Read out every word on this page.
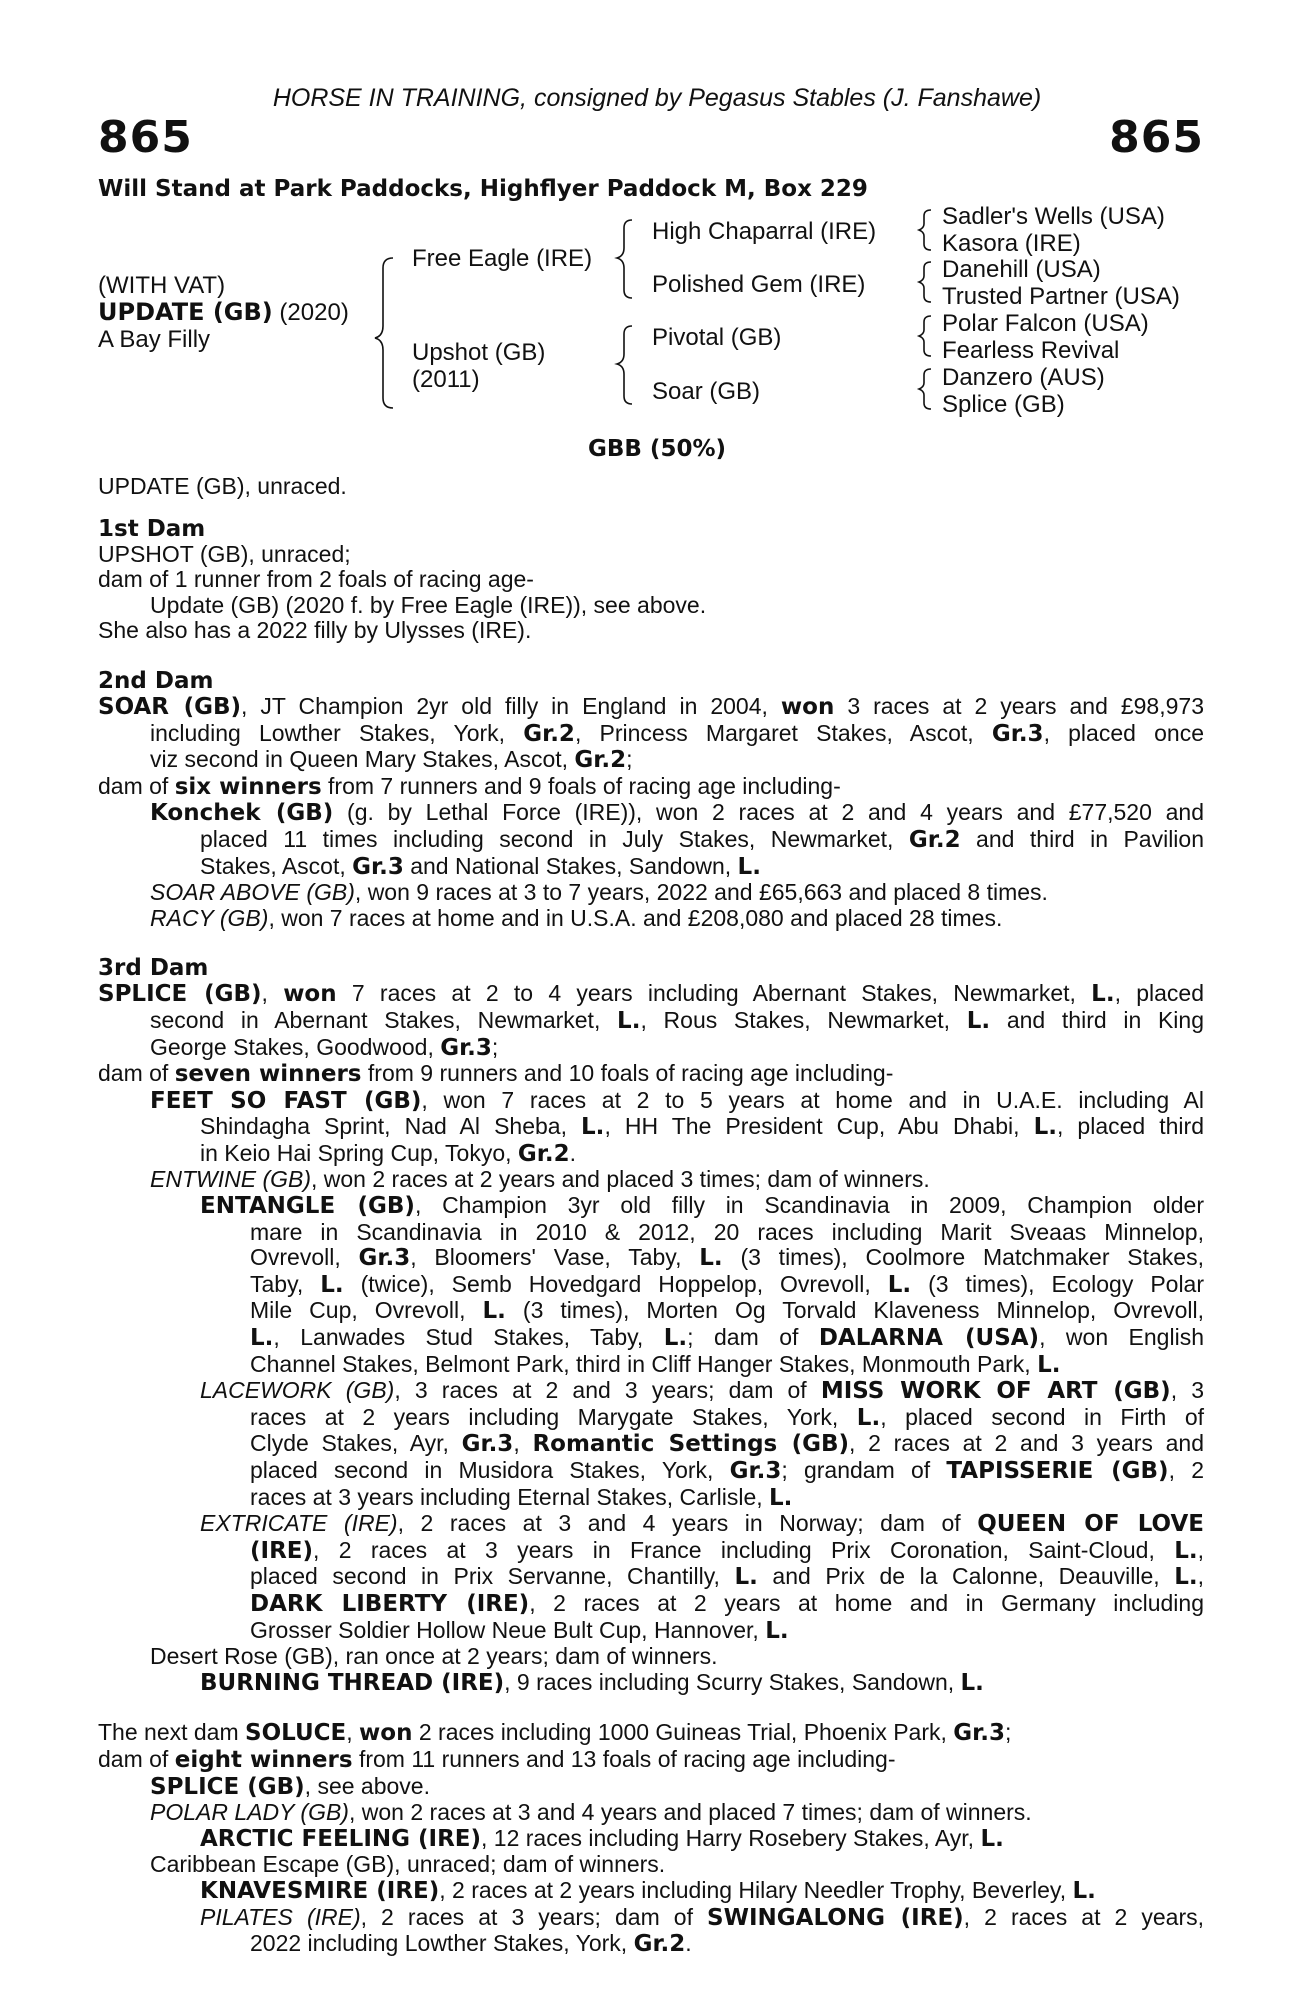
HORSE IN TRAINING, consigned by Pegasus Stables (J. Fanshawe)
865	865
Will Stand at Park Paddocks, Highflyer Paddock M, Box 229
(WITH VAT)
UPDATE (GB) (2020)
A Bay Filly
Free Eagle (IRE)
Upshot (GB)
(2011)
High Chaparral (IRE)
Polished Gem (IRE)
Pivotal (GB)
Soar (GB)
Sadler's Wells (USA)
Kasora (IRE)
Danehill (USA)
Trusted Partner (USA)
Polar Falcon (USA)
Fearless Revival
Danzero (AUS)
Splice (GB)
GBB (50%)
UPDATE (GB), unraced.
1st Dam
UPSHOT (GB), unraced;
dam of 1 runner from 2 foals of racing age-
Update (GB) (2020 f. by Free Eagle (IRE)), see above.
She also has a 2022 filly by Ulysses (IRE).
2nd Dam
SOAR (GB), JT Champion 2yr old filly in England in 2004, won 3 races at 2 years and £98,973
including Lowther Stakes, York, Gr.2, Princess Margaret Stakes, Ascot, Gr.3, placed once
viz second in Queen Mary Stakes, Ascot, Gr.2;
dam of six winners from 7 runners and 9 foals of racing age including-
Konchek (GB) (g. by Lethal Force (IRE)), won 2 races at 2 and 4 years and £77,520 and
placed 11 times including second in July Stakes, Newmarket, Gr.2 and third in Pavilion
Stakes, Ascot, Gr.3 and National Stakes, Sandown, L.
SOAR ABOVE (GB), won 9 races at 3 to 7 years, 2022 and £65,663 and placed 8 times.
RACY (GB), won 7 races at home and in U.S.A. and £208,080 and placed 28 times.
3rd Dam
SPLICE (GB), won 7 races at 2 to 4 years including Abernant Stakes, Newmarket, L., placed
second in Abernant Stakes, Newmarket, L., Rous Stakes, Newmarket, L. and third in King
George Stakes, Goodwood, Gr.3;
dam of seven winners from 9 runners and 10 foals of racing age including-
FEET SO FAST (GB), won 7 races at 2 to 5 years at home and in U.A.E. including Al
Shindagha Sprint, Nad Al Sheba, L., HH The President Cup, Abu Dhabi, L., placed third
in Keio Hai Spring Cup, Tokyo, Gr.2.
ENTWINE (GB), won 2 races at 2 years and placed 3 times; dam of winners.
ENTANGLE (GB), Champion 3yr old filly in Scandinavia in 2009, Champion older
mare in Scandinavia in 2010 & 2012, 20 races including Marit Sveaas Minnelop,
Ovrevoll, Gr.3, Bloomers' Vase, Taby, L. (3 times), Coolmore Matchmaker Stakes,
Taby, L. (twice), Semb Hovedgard Hoppelop, Ovrevoll, L. (3 times), Ecology Polar
Mile Cup, Ovrevoll, L. (3 times), Morten Og Torvald Klaveness Minnelop, Ovrevoll,
L., Lanwades Stud Stakes, Taby, L.; dam of DALARNA (USA), won English
Channel Stakes, Belmont Park, third in Cliff Hanger Stakes, Monmouth Park, L.
LACEWORK (GB), 3 races at 2 and 3 years; dam of MISS WORK OF ART (GB), 3
races at 2 years including Marygate Stakes, York, L., placed second in Firth of
Clyde Stakes, Ayr, Gr.3, Romantic Settings (GB), 2 races at 2 and 3 years and
placed second in Musidora Stakes, York, Gr.3; grandam of TAPISSERIE (GB), 2
races at 3 years including Eternal Stakes, Carlisle, L.
EXTRICATE (IRE), 2 races at 3 and 4 years in Norway; dam of QUEEN OF LOVE
(IRE), 2 races at 3 years in France including Prix Coronation, Saint-Cloud, L.,
placed second in Prix Servanne, Chantilly, L. and Prix de la Calonne, Deauville, L.,
DARK LIBERTY (IRE), 2 races at 2 years at home and in Germany including
Grosser Soldier Hollow Neue Bult Cup, Hannover, L.
Desert Rose (GB), ran once at 2 years; dam of winners.
BURNING THREAD (IRE), 9 races including Scurry Stakes, Sandown, L.
The next dam SOLUCE, won 2 races including 1000 Guineas Trial, Phoenix Park, Gr.3;
dam of eight winners from 11 runners and 13 foals of racing age including-
SPLICE (GB), see above.
POLAR LADY (GB), won 2 races at 3 and 4 years and placed 7 times; dam of winners.
ARCTIC FEELING (IRE), 12 races including Harry Rosebery Stakes, Ayr, L.
Caribbean Escape (GB), unraced; dam of winners.
KNAVESMIRE (IRE), 2 races at 2 years including Hilary Needler Trophy, Beverley, L.
PILATES (IRE), 2 races at 3 years; dam of SWINGALONG (IRE), 2 races at 2 years,
2022 including Lowther Stakes, York, Gr.2.
